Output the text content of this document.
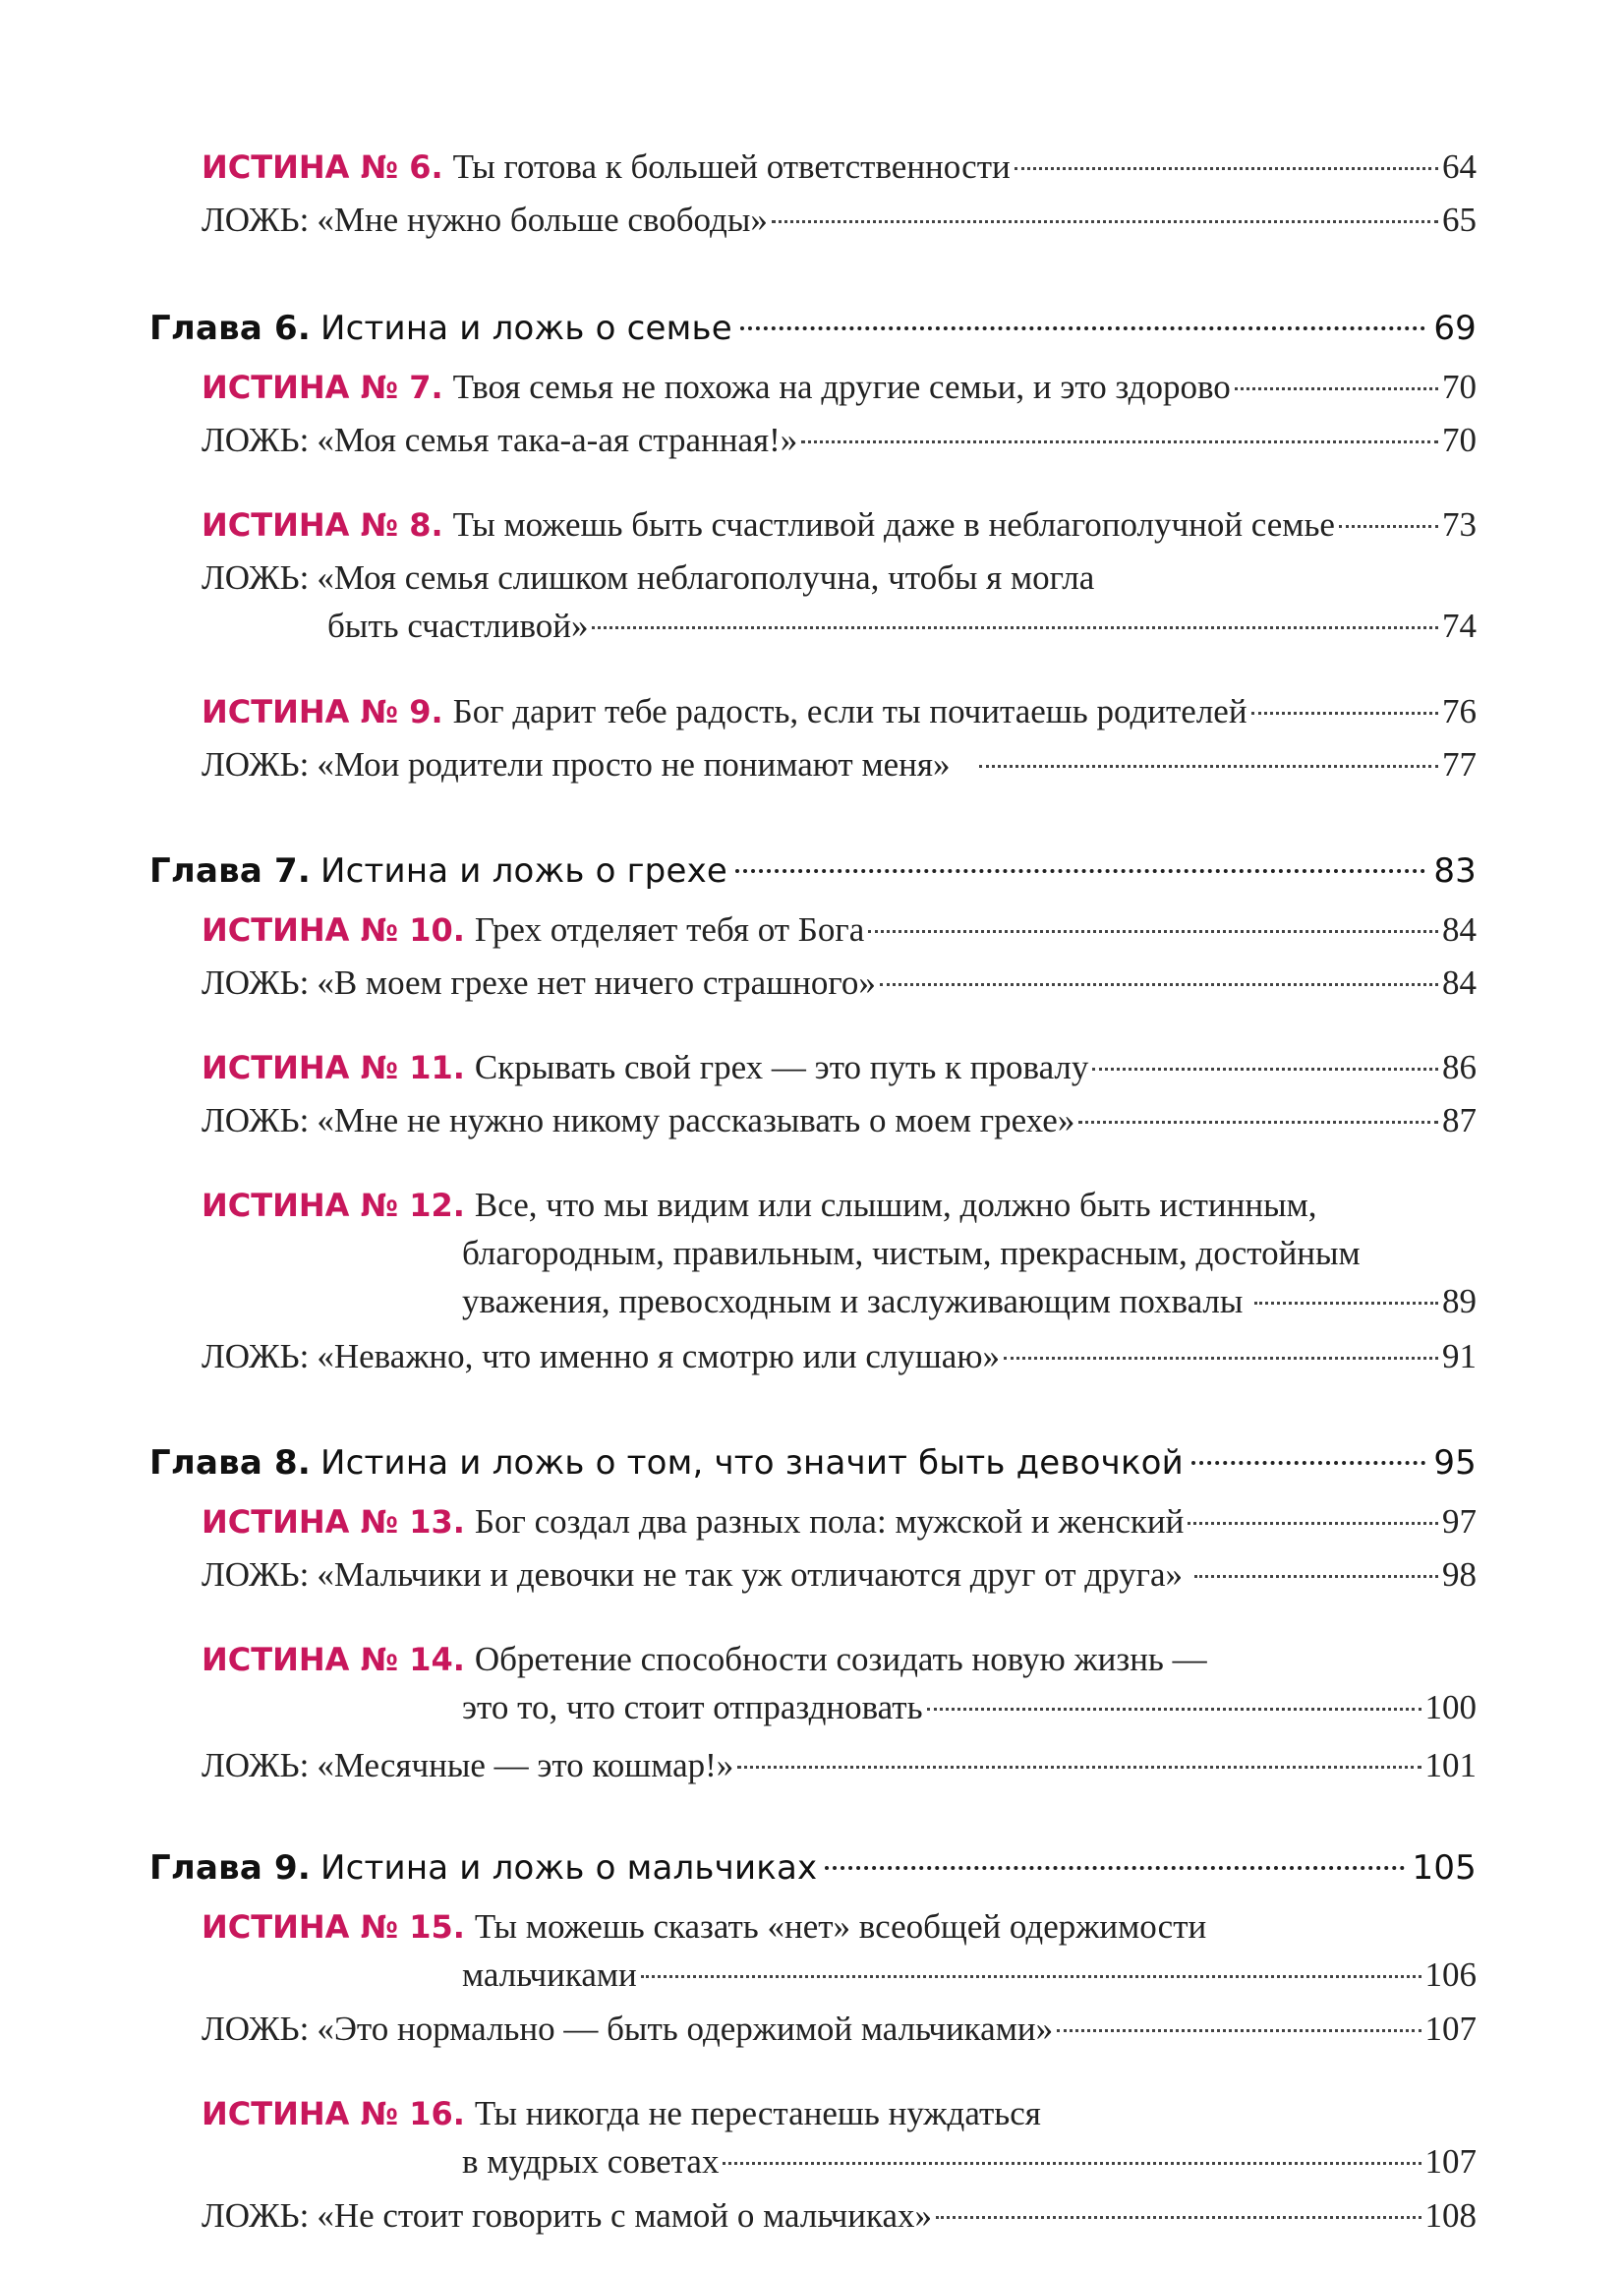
ИСТИНА № 6. Ты готова к большей ответственности	64
ЛОЖЬ: «Мне нужно больше свободы»	65
Глава 6. Истина и ложь о семье	69
ИСТИНА № 7. Твоя семья не похожа на другие семьи, и это здорово	70
ЛОЖЬ: «Моя семья така-а-ая странная!»	70
ИСТИНА № 8. Ты можешь быть счастливой даже в неблагополучной семье	73
ЛОЖЬ: «Моя семья слишком неблагополучна, чтобы я могла
быть счастливой»	74
ИСТИНА № 9. Бог дарит тебе радость, если ты почитаешь родителей	76
ЛОЖЬ: «Мои родители просто не понимают меня»	77
Глава 7. Истина и ложь о грехе	83
ИСТИНА № 10. Грех отделяет тебя от Бога	84
ЛОЖЬ: «В моем грехе нет ничего страшного»	84
ИСТИНА № 11. Скрывать свой грех — это путь к провалу	86
ЛОЖЬ: «Мне не нужно никому рассказывать о моем грехе»	87
ИСТИНА № 12. Все, что мы видим или слышим, должно быть истинным,
благородным, правильным, чистым, прекрасным, достойным
уважения, превосходным и заслуживающим похвалы	89
ЛОЖЬ: «Неважно, что именно я смотрю или слушаю»	91
Глава 8. Истина и ложь о том, что значит быть девочкой	95
ИСТИНА № 13. Бог создал два разных пола: мужской и женский	97
ЛОЖЬ: «Мальчики и девочки не так уж отличаются друг от друга»	98
ИСТИНА № 14. Обретение способности созидать новую жизнь —
это то, что стоит отпраздновать	100
ЛОЖЬ: «Месячные — это кошмар!»	101
Глава 9. Истина и ложь о мальчиках	105
ИСТИНА № 15. Ты можешь сказать «нет» всеобщей одержимости
мальчиками	106
ЛОЖЬ: «Это нормально — быть одержимой мальчиками»	107
ИСТИНА № 16. Ты никогда не перестанешь нуждаться
в мудрых советах	107
ЛОЖЬ: «Не стоит говорить с мамой о мальчиках»	108
